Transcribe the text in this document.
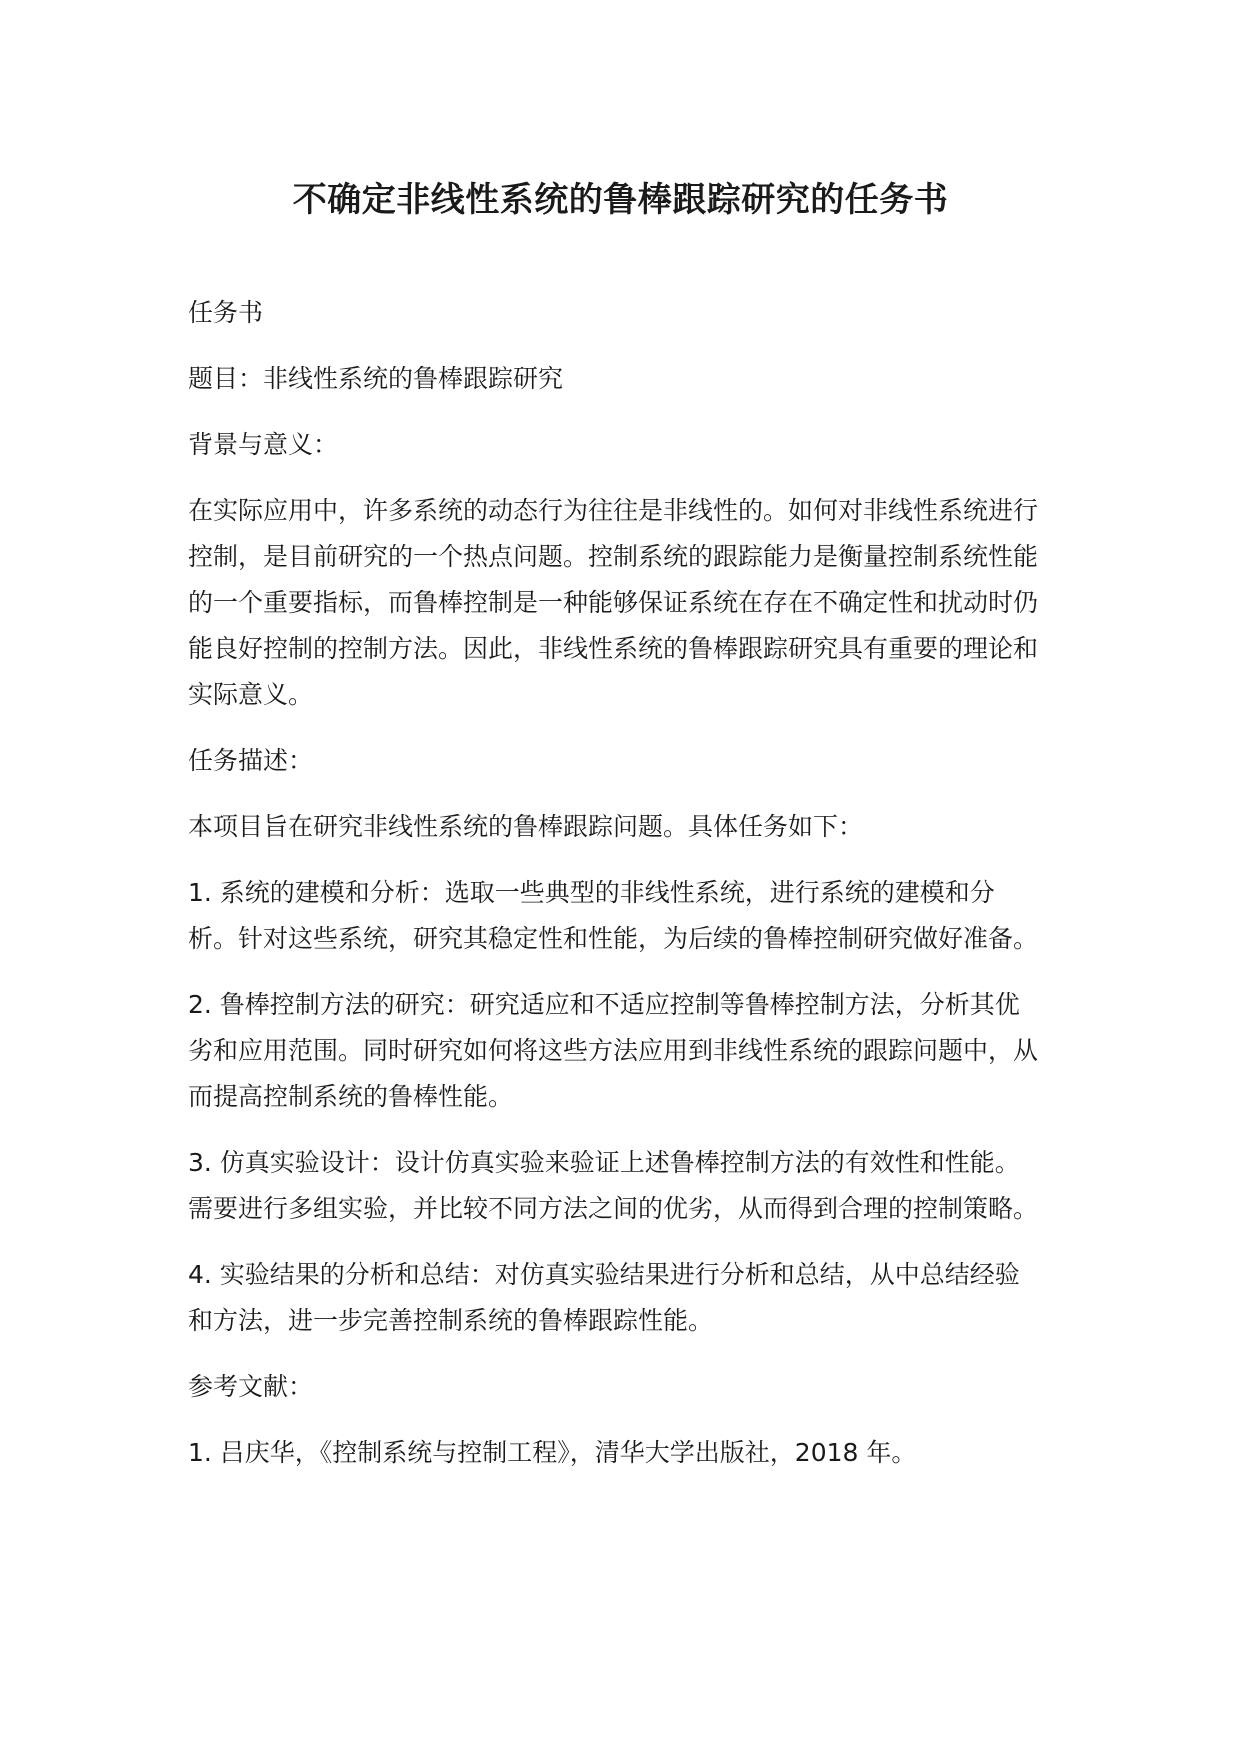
不确定非线性系统的鲁棒跟踪研究的任务书

任务书

题目：非线性系统的鲁棒跟踪研究

背景与意义：

在实际应用中，许多系统的动态行为往往是非线性的。如何对非线性系统进行控制，是目前研究的一个热点问题。控制系统的跟踪能力是衡量控制系统性能的一个重要指标，而鲁棒控制是一种能够保证系统在存在不确定性和扰动时仍能良好控制的控制方法。因此，非线性系统的鲁棒跟踪研究具有重要的理论和实际意义。

任务描述：

本项目旨在研究非线性系统的鲁棒跟踪问题。具体任务如下：

1. 系统的建模和分析：选取一些典型的非线性系统，进行系统的建模和分析。针对这些系统，研究其稳定性和性能，为后续的鲁棒控制研究做好准备。

2. 鲁棒控制方法的研究：研究适应和不适应控制等鲁棒控制方法，分析其优劣和应用范围。同时研究如何将这些方法应用到非线性系统的跟踪问题中，从而提高控制系统的鲁棒性能。

3. 仿真实验设计：设计仿真实验来验证上述鲁棒控制方法的有效性和性能。需要进行多组实验，并比较不同方法之间的优劣，从而得到合理的控制策略。

4. 实验结果的分析和总结：对仿真实验结果进行分析和总结，从中总结经验和方法，进一步完善控制系统的鲁棒跟踪性能。

参考文献：

1. 吕庆华，《控制系统与控制工程》，清华大学出版社，2018 年。
